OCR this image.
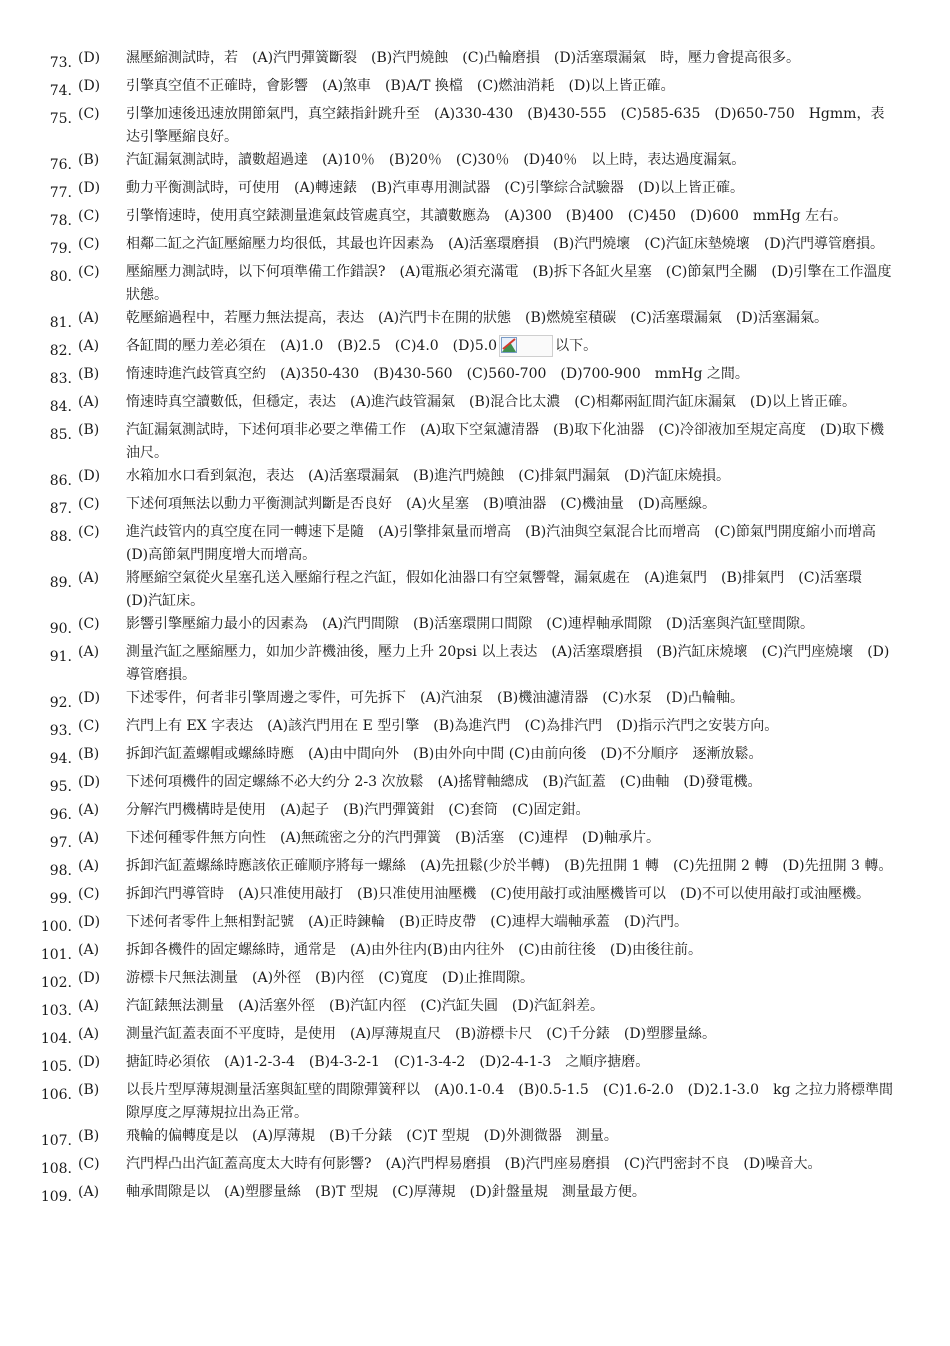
73. (D)	濕壓縮測試時，若　(A)汽門彈簧斷裂　(B)汽門燒蝕　(C)凸輪磨損　(D)活塞環漏氣　時，壓力會提高很多。
74. (D)	引擎真空值不正確時，會影響　(A)煞車　(B)A/T 換檔　(C)燃油消耗　(D)以上皆正確。
75. (C)	引擎加速後迅速放開節氣門，真空錶指針跳升至　(A)330-430　(B)430-555　(C)585-635　(D)650-750　Hgmm，表达引擎壓縮良好。
76. (B)	汽缸漏氣測試時，讀數超過達　(A)10％　(B)20％　(C)30％　(D)40％　以上時，表达過度漏氣。
77. (D)	動力平衡測試時，可使用　(A)轉速錶　(B)汽車專用測試器　(C)引擎綜合試驗器　(D)以上皆正確。
78. (C)	引擎惰速時，使用真空錶測量進氣歧管處真空，其讀數應為　(A)300　(B)400　(C)450　(D)600　mmHg 左右。
79. (C)	相鄰二缸之汽缸壓縮壓力均很低，其最也许因素為　(A)活塞環磨損　(B)汽門燒壞　(C)汽缸床墊燒壞　(D)汽門導管磨損。
80. (C)	壓縮壓力測試時，以下何項準備工作錯誤?　(A)電瓶必須充滿電　(B)拆下各缸火星塞　(C)節氣門全關　(D)引擎在工作溫度狀態。
81. (A)	乾壓縮過程中，若壓力無法提高，表达　(A)汽門卡在開的狀態　(B)燃燒室積碳　(C)活塞環漏氣　(D)活塞漏氣。
82. (A)	各缸間的壓力差必須在　(A)1.0　(B)2.5　(C)4.0　(D)5.0	以下。
83. (B)	惰速時進汽歧管真空約　(A)350-430　(B)430-560　(C)560-700　(D)700-900　mmHg 之間。
84. (A)	惰速時真空讀數低，但穩定，表达　(A)進汽歧管漏氣　(B)混合比太濃　(C)相鄰兩缸間汽缸床漏氣　(D)以上皆正確。
85. (B)	汽缸漏氣測試時，下述何項非必要之準備工作　(A)取下空氣濾清器　(B)取下化油器　(C)冷卻液加至規定高度　(D)取下機油尺。
86. (D)	水箱加水口看到氣泡，表达　(A)活塞環漏氣　(B)進汽門燒蝕　(C)排氣門漏氣　(D)汽缸床燒損。
87. (C)	下述何項無法以動力平衡測試判斷是否良好　(A)火星塞　(B)噴油器　(C)機油量　(D)高壓線。
88. (C)	進汽歧管内的真空度在同一轉速下是隨　(A)引擎排氣量而增高　(B)汽油與空氣混合比而增高　(C)節氣門開度縮小而增高　(D)高節氣門開度增大而增高。
89. (A)	將壓縮空氣從火星塞孔送入壓縮行程之汽缸，假如化油器口有空氣響聲，漏氣處在　(A)進氣門　(B)排氣門　(C)活塞環　(D)汽缸床。
90. (C)	影響引擎壓縮力最小的因素為　(A)汽門間隙　(B)活塞環開口間隙　(C)連桿軸承間隙　(D)活塞與汽缸壁間隙。
91. (A)	測量汽缸之壓縮壓力，如加少許機油後，壓力上升 20psi 以上表达　(A)活塞環磨損　(B)汽缸床燒壞　(C)汽門座燒壞　(D)導管磨損。
92. (D)	下述零件，何者非引擎周邊之零件，可先拆下　(A)汽油泵　(B)機油濾清器　(C)水泵　(D)凸輪軸。
93. (C)	汽門上有 EX 字表达　(A)該汽門用在 E 型引擎　(B)為進汽門　(C)為排汽門　(D)指示汽門之安裝方向。
94. (B)	拆卸汽缸蓋螺帽或螺絲時應　(A)由中間向外　(B)由外向中間 (C)由前向後　(D)不分順序　逐漸放鬆。
95. (D)	下述何項機件的固定螺絲不必大约分 2-3 次放鬆　(A)搖臂軸總成　(B)汽缸蓋　(C)曲軸　(D)發電機。
96. (A)	分解汽門機構時是使用　(A)起子　(B)汽門彈簧鉗　(C)套筒　(C)固定鉗。
97. (A)	下述何種零件無方向性　(A)無疏密之分的汽門彈簧　(B)活塞　(C)連桿　(D)軸承片。
98. (A)	拆卸汽缸蓋螺絲時應該依正確顺序將每一螺絲　(A)先扭鬆(少於半轉)　(B)先扭開 1 轉　(C)先扭開 2 轉　(D)先扭開 3 轉。
99. (C)	拆卸汽門導管時　(A)只准使用敲打　(B)只准使用油壓機　(C)使用敲打或油壓機皆可以　(D)不可以使用敲打或油壓機。
100. (D)	下述何者零件上無相對記號　(A)正時鍊輪　(B)正時皮帶　(C)連桿大端軸承蓋　(D)汽門。
101. (A)	拆卸各機件的固定螺絲時，通常是　(A)由外往内(B)由内往外　(C)由前往後　(D)由後往前。
102. (D)	游標卡尺無法測量　(A)外徑　(B)内徑　(C)寬度　(D)止推間隙。
103. (A)	汽缸錶無法測量　(A)活塞外徑　(B)汽缸内徑　(C)汽缸失圓　(D)汽缸斜差。
104. (A)	測量汽缸蓋表面不平度時，是使用　(A)厚薄規直尺　(B)游標卡尺　(C)千分錶　(D)塑膠量絲。
105. (D)	搪缸時必須依　(A)1-2-3-4　(B)4-3-2-1　(C)1-3-4-2　(D)2-4-1-3　之順序搪磨。
106. (B)	以長片型厚薄規測量活塞與缸壁的間隙彈簧秤以　(A)0.1-0.4　(B)0.5-1.5　(C)1.6-2.0　(D)2.1-3.0　kg 之拉力將標準間隙厚度之厚薄規拉出為正常。
107. (B)	飛輪的偏轉度是以　(A)厚薄規　(B)千分錶　(C)T 型規　(D)外測微器　測量。
108. (C)	汽門桿凸出汽缸蓋高度太大時有何影響?　(A)汽門桿易磨損　(B)汽門座易磨損　(C)汽門密封不良　(D)噪音大。
109. (A)	軸承間隙是以　(A)塑膠量絲　(B)T 型規　(C)厚薄規　(D)針盤量規　測量最方便。
